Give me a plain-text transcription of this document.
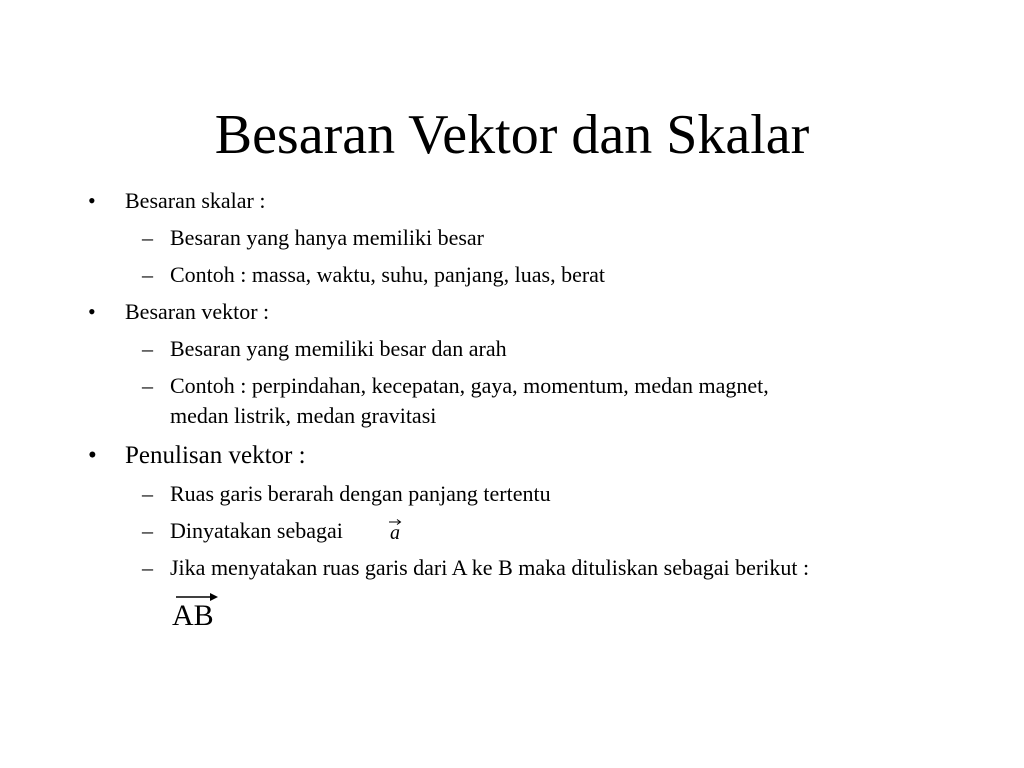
Besaran Vektor dan Skalar
• Besaran skalar :
– Besaran yang hanya memiliki besar
– Contoh : massa, waktu, suhu, panjang, luas, berat
• Besaran vektor :
– Besaran yang memiliki besar dan arah
– Contoh : perpindahan, kecepatan, gaya, momentum, medan magnet,
medan listrik, medan gravitasi
• Penulisan vektor :
– Ruas garis berarah dengan panjang tertentu
– Dinyatakan sebagai a
– Jika menyatakan ruas garis dari A ke B maka dituliskan sebagai berikut :
AB
